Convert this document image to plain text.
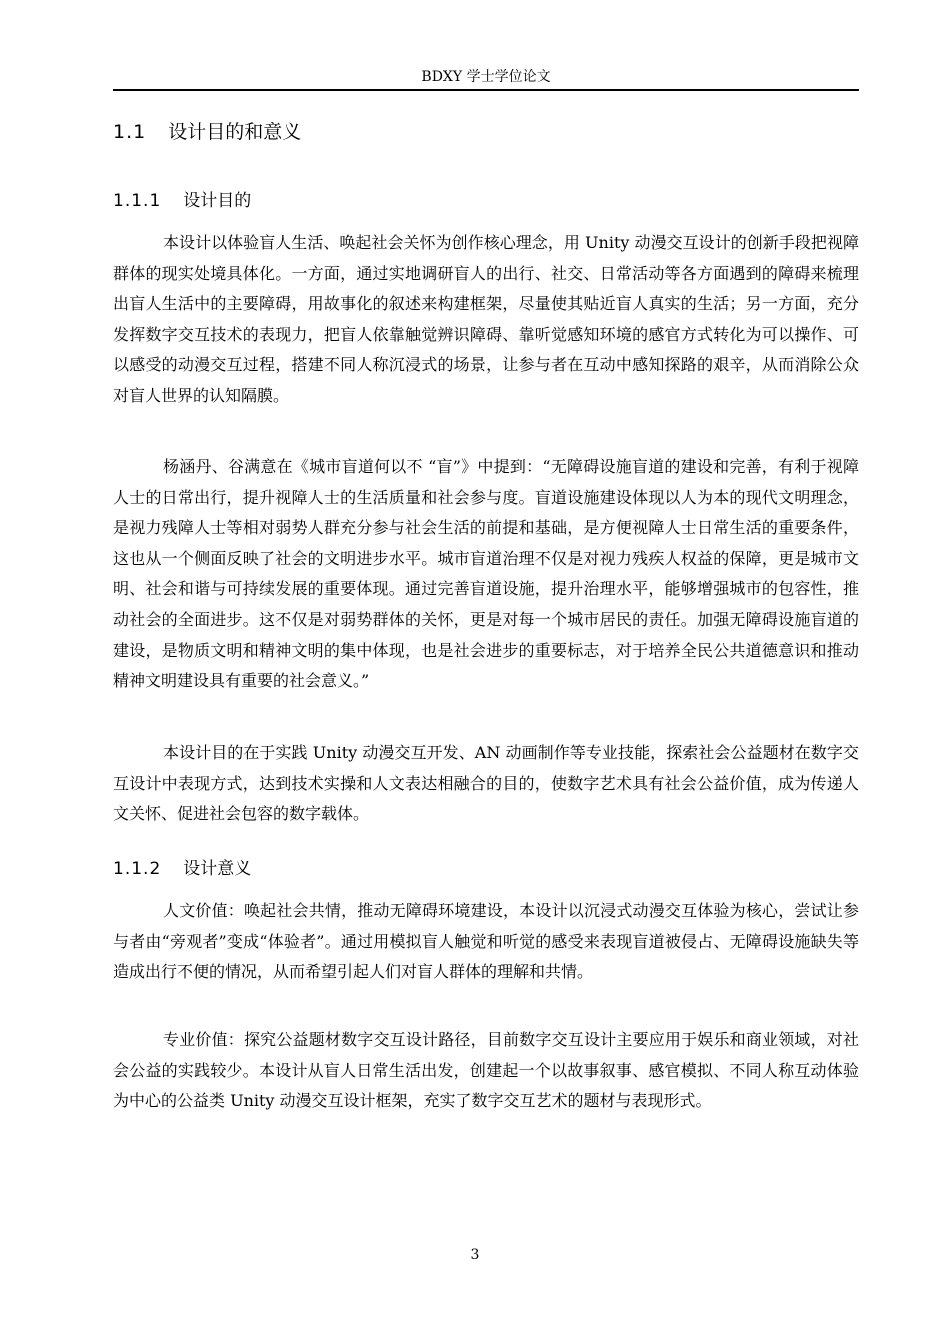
BDXY 学士学位论文
1.1 设计目的和意义
1.1.1 设计目的

本设计以体验盲人生活、唤起社会关怀为创作核心理念，用 Unity 动漫交互设计的创新手段把视障群体的现实处境具体化。一方面，通过实地调研盲人的出行、社交、日常活动等各方面遇到的障碍来梳理出盲人生活中的主要障碍，用故事化的叙述来构建框架，尽量使其贴近盲人真实的生活；另一方面，充分发挥数字交互技术的表现力，把盲人依靠触觉辨识障碍、靠听觉感知环境的感官方式转化为可以操作、可以感受的动漫交互过程，搭建不同人称沉浸式的场景，让参与者在互动中感知探路的艰辛，从而消除公众对盲人世界的认知隔膜。

杨涵丹、谷满意在《城市盲道何以不 “盲”》中提到：“无障碍设施盲道的建设和完善，有利于视障人士的日常出行，提升视障人士的生活质量和社会参与度。盲道设施建设体现以人为本的现代文明理念，是视力残障人士等相对弱势人群充分参与社会生活的前提和基础，是方便视障人士日常生活的重要条件，这也从一个侧面反映了社会的文明进步水平。城市盲道治理不仅是对视力残疾人权益的保障，更是城市文明、社会和谐与可持续发展的重要体现。通过完善盲道设施，提升治理水平，能够增强城市的包容性，推动社会的全面进步。这不仅是对弱势群体的关怀，更是对每一个城市居民的责任。加强无障碍设施盲道的建设，是物质文明和精神文明的集中体现，也是社会进步的重要标志，对于培养全民公共道德意识和推动精神文明建设具有重要的社会意义。”

本设计目的在于实践 Unity 动漫交互开发、AN 动画制作等专业技能，探索社会公益题材在数字交互设计中表现方式，达到技术实操和人文表达相融合的目的，使数字艺术具有社会公益价值，成为传递人文关怀、促进社会包容的数字载体。

1.1.2 设计意义

人文价值：唤起社会共情，推动无障碍环境建设，本设计以沉浸式动漫交互体验为核心，尝试让参与者由“旁观者”变成“体验者”。通过用模拟盲人触觉和听觉的感受来表现盲道被侵占、无障碍设施缺失等造成出行不便的情况，从而希望引起人们对盲人群体的理解和共情。

专业价值：探究公益题材数字交互设计路径，目前数字交互设计主要应用于娱乐和商业领域，对社会公益的实践较少。本设计从盲人日常生活出发，创建起一个以故事叙事、感官模拟、不同人称互动体验为中心的公益类 Unity 动漫交互设计框架，充实了数字交互艺术的题材与表现形式。

3
